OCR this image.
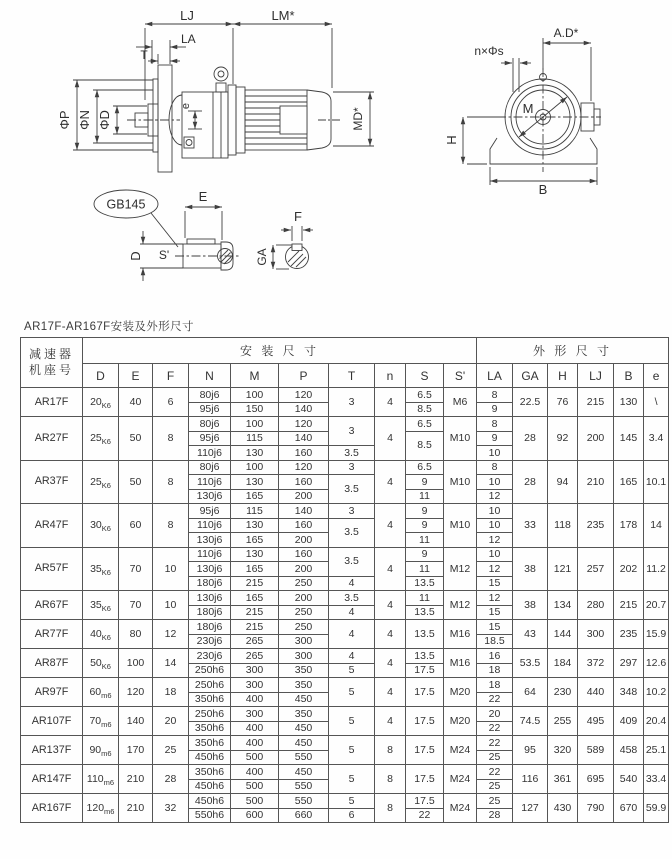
LJ	LM*
LA
T
ΦP ΦN ΦD
e
MD*
A.D*
n×Φs
M
H
B
GB145
E
D S'
F
GA
AR17F-AR167F安装及外形尺寸
减速器
机座号	安 装 尺 寸										外 形 尺 寸					
	D	E	F	N	M	P	T	n	S	S'	LA	GA	H	LJ	B	e
AR17F	$20_{K6}$	40	6	80j6	100	120	3	4	6.5	M6	8	22.5	76	215	130	\
				95j6	150	140			8.5		9					
AR27F	$25_{K6}$	50	8	80j6	100	120	3	4	6.5	M10	8	28	92	200	145	3.4
				95j6	115	140			8.5		9					
				110j6	130	160	3.5				10					
AR37F	$25_{K6}$	50	8	80j6	100	120	3	4	6.5	M10	8	28	94	210	165	10.1
				110j6	130	160	3.5		9		10					
				130j6	165	200			11		12					
AR47F	$30_{K6}$	60	8	95j6	115	140	3	4	9	M10	10	33	118	235	178	14
				110j6	130	160	3.5		9		10					
				130j6	165	200			11		12					
AR57F	$35_{K6}$	70	10	110j6	130	160	3.5	4	9	M12	10	38	121	257	202	11.2
				130j6	165	200			11		12					
				180j6	215	250	4		13.5		15					
AR67F	$35_{K6}$	70	10	130j6	165	200	3.5	4	11	M12	12	38	134	280	215	20.7
				180j6	215	250	4		13.5		15					
AR77F	$40_{K6}$	80	12	180j6	215	250	4	4	13.5	M16	15	43	144	300	235	15.9
				230j6	265	300					18.5					
AR87F	$50_{K6}$	100	14	230j6	265	300	4	4	13.5	M16	16	53.5	184	372	297	12.6
				250h6	300	350	5		17.5		18					
AR97F	$60_{m6}$	120	18	250h6	300	350	5	4	17.5	M20	18	64	230	440	348	10.2
				350h6	400	450					22					
AR107F	$70_{m6}$	140	20	250h6	300	350	5	4	17.5	M20	20	74.5	255	495	409	20.4
				350h6	400	450					22					
AR137F	$90_{m6}$	170	25	350h6	400	450	5	8	17.5	M24	22	95	320	589	458	25.1
				450h6	500	550					25					
AR147F	$110_{m6}$	210	28	350h6	400	450	5	8	17.5	M24	22	116	361	695	540	33.4
				450h6	500	550					25					
AR167F	$120_{m6}$	210	32	450h6	500	550	5	8	17.5	M24	25	127	430	790	670	59.9
				550h6	600	660	6		22		28					
